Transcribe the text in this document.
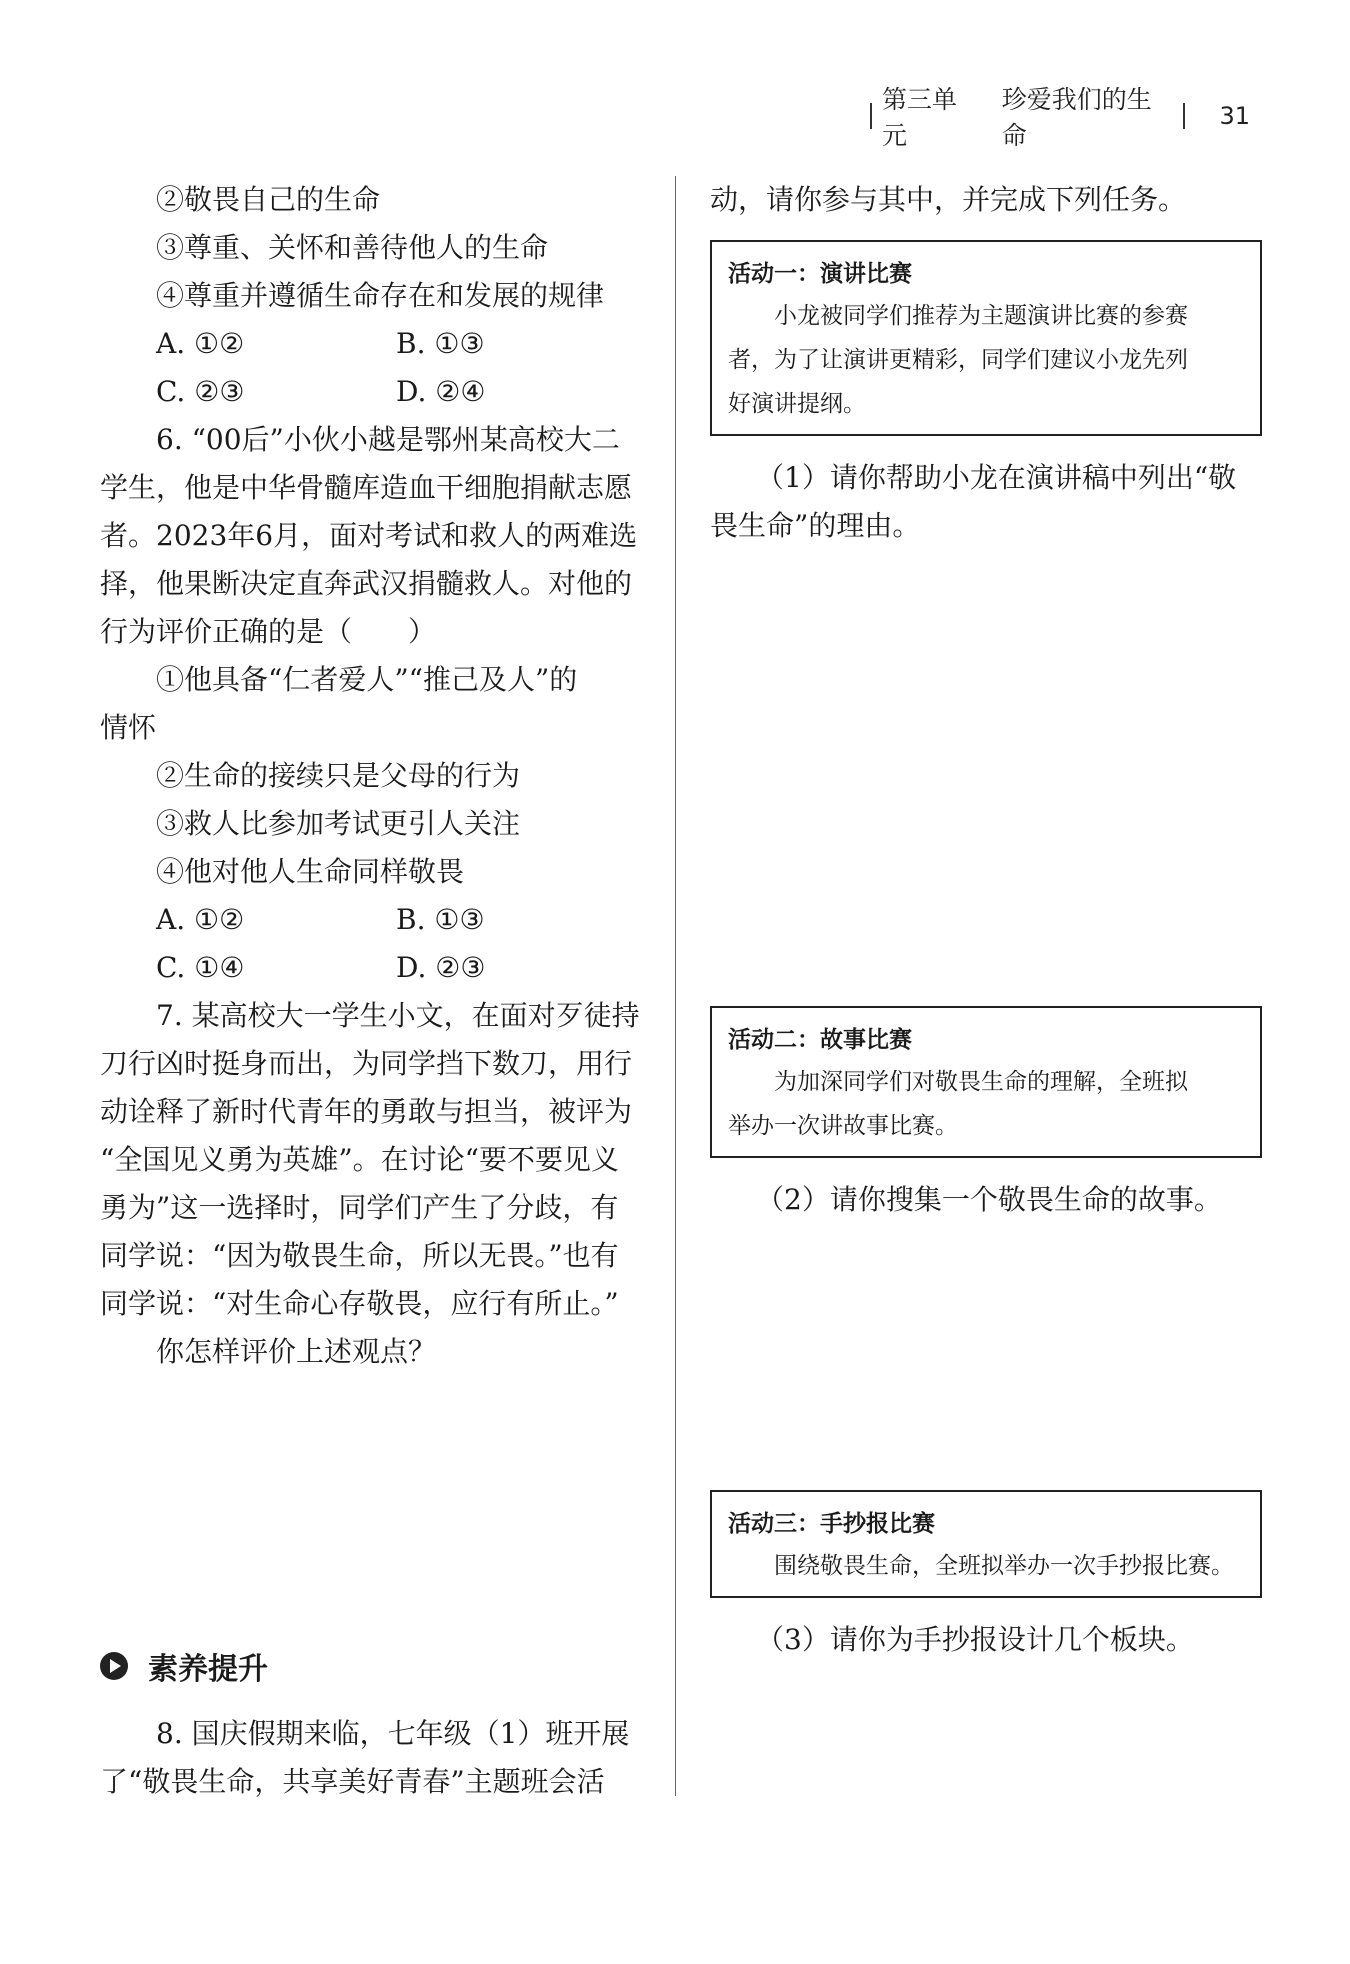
第三单元
珍爱我们的生命
31
②敬畏自己的生命
③尊重、关怀和善待他人的生命
④尊重并遵循生命存在和发展的规律
A. ①②	B. ①③
C. ②③	D. ②④
6. “00后”小伙小越是鄂州某高校大二
学生，他是中华骨髓库造血干细胞捐献志愿
者。2023年6月，面对考试和救人的两难选
择，他果断决定直奔武汉捐髓救人。对他的
行为评价正确的是（　　）
①他具备“仁者爱人”“推己及人”的
情怀
②生命的接续只是父母的行为
③救人比参加考试更引人关注
④他对他人生命同样敬畏
A. ①②	B. ①③
C. ①④	D. ②③
7. 某高校大一学生小文，在面对歹徒持
刀行凶时挺身而出，为同学挡下数刀，用行
动诠释了新时代青年的勇敢与担当，被评为
“全国见义勇为英雄”。在讨论“要不要见义
勇为”这一选择时，同学们产生了分歧，有
同学说：“因为敬畏生命，所以无畏。”也有
同学说：“对生命心存敬畏，应行有所止。”
你怎样评价上述观点？
素养提升
8. 国庆假期来临，七年级（1）班开展
了“敬畏生命，共享美好青春”主题班会活
动，请你参与其中，并完成下列任务。
活动一：演讲比赛
小龙被同学们推荐为主题演讲比赛的参赛
者，为了让演讲更精彩，同学们建议小龙先列
好演讲提纲。
（1）请你帮助小龙在演讲稿中列出“敬
畏生命”的理由。
活动二：故事比赛
为加深同学们对敬畏生命的理解，全班拟
举办一次讲故事比赛。
（2）请你搜集一个敬畏生命的故事。
活动三：手抄报比赛
围绕敬畏生命，全班拟举办一次手抄报比赛。
（3）请你为手抄报设计几个板块。
